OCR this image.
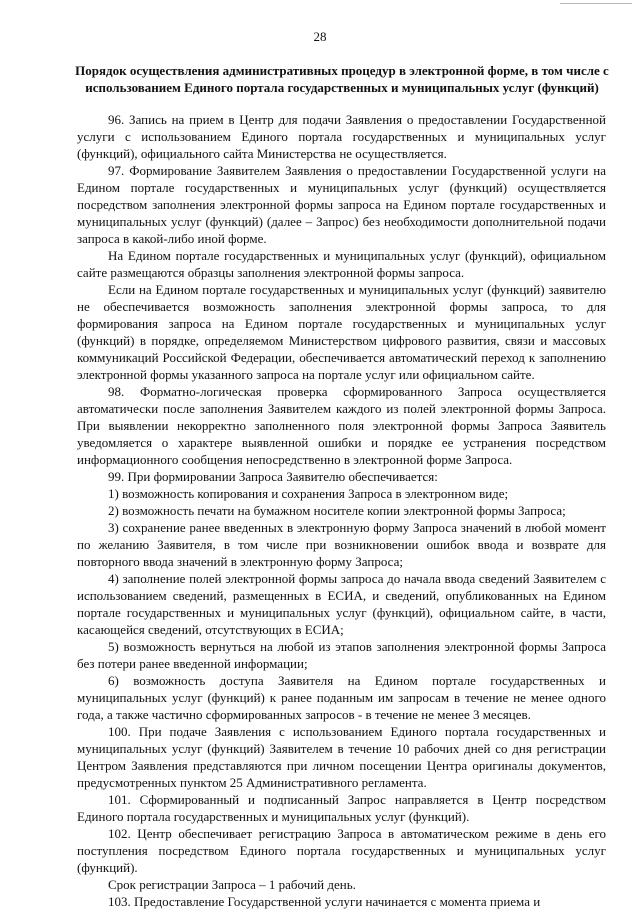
28
Порядок осуществления административных процедур в электронной форме, в том числе с использованием Единого портала государственных и муниципальных услуг (функций)

96. Запись на прием в Центр для подачи Заявления о предоставлении Государственной услуги с использованием Единого портала государственных и муниципальных услуг (функций), официального сайта Министерства не осуществляется.

97. Формирование Заявителем Заявления о предоставлении Государственной услуги на Едином портале государственных и муниципальных услуг (функций) осуществляется посредством заполнения электронной формы запроса на Едином портале государственных и муниципальных услуг (функций) (далее – Запрос) без необходимости дополнительной подачи запроса в какой-либо иной форме.

На Едином портале государственных и муниципальных услуг (функций), официальном сайте размещаются образцы заполнения электронной формы запроса.

Если на Едином портале государственных и муниципальных услуг (функций) заявителю не обеспечивается возможность заполнения электронной формы запроса, то для формирования запроса на Едином портале государственных и муниципальных услуг (функций) в порядке, определяемом Министерством цифрового развития, связи и массовых коммуникаций Российской Федерации, обеспечивается автоматический переход к заполнению электронной формы указанного запроса на портале услуг или официальном сайте.

98. Форматно-логическая проверка сформированного Запроса осуществляется автоматически после заполнения Заявителем каждого из полей электронной формы Запроса. При выявлении некорректно заполненного поля электронной формы Запроса Заявитель уведомляется о характере выявленной ошибки и порядке ее устранения посредством информационного сообщения непосредственно в электронной форме Запроса.

99. При формировании Запроса Заявителю обеспечивается:

1) возможность копирования и сохранения Запроса в электронном виде;

2) возможность печати на бумажном носителе копии электронной формы Запроса;

3) сохранение ранее введенных в электронную форму Запроса значений в любой момент по желанию Заявителя, в том числе при возникновении ошибок ввода и возврате для повторного ввода значений в электронную форму Запроса;

4) заполнение полей электронной формы запроса до начала ввода сведений Заявителем с использованием сведений, размещенных в ЕСИА, и сведений, опубликованных на Едином портале государственных и муниципальных услуг (функций), официальном сайте, в части, касающейся сведений, отсутствующих в ЕСИА;

5) возможность вернуться на любой из этапов заполнения электронной формы Запроса без потери ранее введенной информации;

6) возможность доступа Заявителя на Едином портале государственных и муниципальных услуг (функций) к ранее поданным им запросам в течение не менее одного года, а также частично сформированных запросов - в течение не менее 3 месяцев.

100. При подаче Заявления с использованием Единого портала государственных и муниципальных услуг (функций) Заявителем в течение 10 рабочих дней со дня регистрации Центром Заявления представляются при личном посещении Центра оригиналы документов, предусмотренных пунктом 25 Административного регламента.

101. Сформированный и подписанный Запрос направляется в Центр посредством Единого портала государственных и муниципальных услуг (функций).

102. Центр обеспечивает регистрацию Запроса в автоматическом режиме в день его поступления посредством Единого портала государственных и муниципальных услуг (функций).

Срок регистрации Запроса – 1 рабочий день.

103. Предоставление Государственной услуги начинается с момента приема и
